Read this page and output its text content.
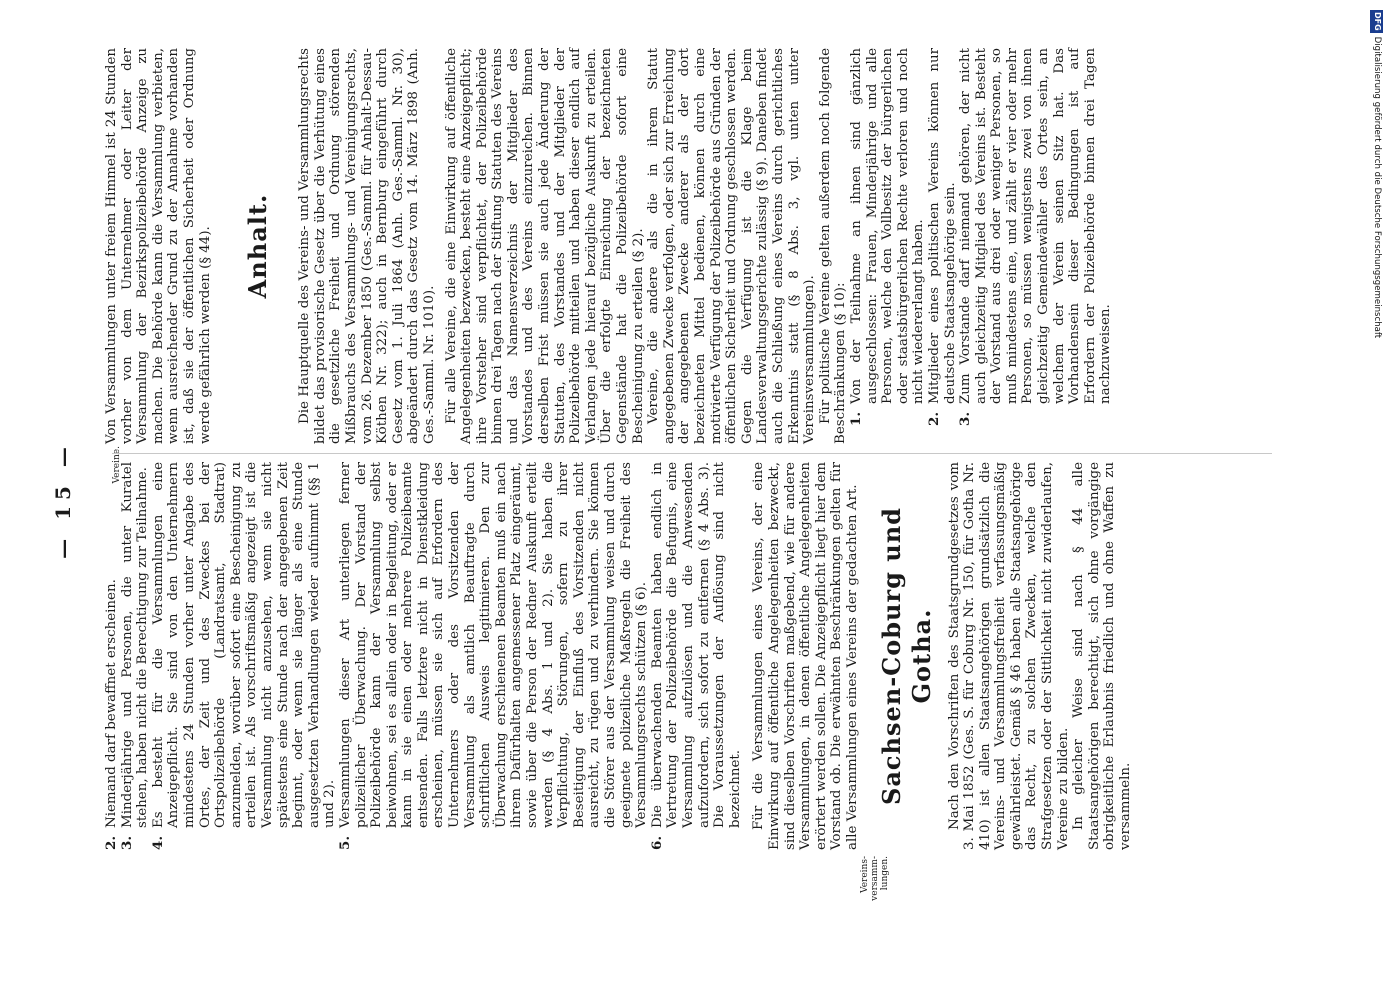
— 15 —
Vereins-versamm-lungen.
Vereine.
2.
Niemand darf bewaffnet erscheinen.
3.
Minderjährige und Personen, die unter Kuratel stehen, haben nicht die Berechtigung zur Teilnahme.
4.
Es besteht für die Versammlungen eine Anzeigepflicht. Sie sind von den Unternehmern mindestens 24 Stunden vorher unter Angabe des Ortes, der Zeit und des Zweckes bei der Ortspolizeibehörde (Landratsamt, Stadtrat) anzumelden, worüber sofort eine Bescheinigung zu erteilen ist. Als vorschriftsmäßig angezeigt ist die Versammlung nicht anzusehen, wenn sie nicht spätestens eine Stunde nach der angegebenen Zeit beginnt, oder wenn sie länger als eine Stunde ausgesetzten Verhandlungen wieder aufnimmt (§§ 1 und 2).
5.
Versammlungen dieser Art unterliegen ferner polizeilicher Überwachung. Der Vorstand der Polizeibehörde kann der Versammlung selbst beiwohnen, sei es allein oder in Begleitung, oder er kann in sie einen oder mehrere Polizeibeamte entsenden. Falls letztere nicht in Dienstkleidung erscheinen, müssen sie sich auf Erfordern des Unternehmers oder des Vorsitzenden der Versammlung als amtlich Beauftragte durch schriftlichen Ausweis legitimieren. Den zur Überwachung erschienenen Beamten muß ein nach ihrem Dafürhalten angemessener Platz eingeräumt, sowie über die Person der Redner Auskunft erteilt werden (§ 4 Abs. 1 und 2). Sie haben die Verpflichtung, Störungen, sofern zu ihrer Beseitigung der Einfluß des Vorsitzenden nicht ausreicht, zu rügen und zu verhindern. Sie können die Störer aus der Versammlung weisen und durch geeignete polizeiliche Maßregeln die Freiheit des Versammlungsrechts schützen (§ 6).
6.
Die überwachenden Beamten haben endlich in Vertretung der Polizeibehörde die Befugnis, eine Versammlung aufzulösen und die Anwesenden aufzufordern, sich sofort zu entfernen (§ 4 Abs. 3). Die Voraussetzungen der Auflösung sind nicht bezeichnet. Für die Versammlungen eines Vereins, der eine Einwirkung auf öffentliche Angelegenheiten bezweckt, sind dieselben Vorschriften maßgebend, wie für andere Versammlungen, in denen öffentliche Angelegenheiten erörtert werden sollen. Die Anzeigepflicht liegt hier dem Vorstand ob. Die erwähnten Beschränkungen gelten für alle Versammlungen eines Vereins der gedachten Art. Sachsen-Coburg und Gotha. Nach den Vorschriften des Staatsgrundgesetzes vom 3. Mai 1852 (Ges. S. für Coburg Nr. 150, für Gotha Nr. 410) ist allen Staatsangehörigen grundsätzlich die Vereins- und Versammlungsfreiheit verfassungsmäßig gewährleistet. Gemäß § 46 haben alle Staatsangehörige das Recht, zu solchen Zwecken, welche den Strafgesetzen oder der Sittlichkeit nicht zuwiderlaufen, Vereine zu bilden. In gleicher Weise sind nach § 44 alle Staatsangehörigen berechtigt, sich ohne vorgängige obrigkeitliche Erlaubnis friedlich und ohne Waffen zu versammeln.

Von Versammlungen unter freiem Himmel ist 24 Stunden vorher von dem Unternehmer oder Leiter der Versammlung der Bezirkspolizeibehörde Anzeige zu machen. Die Behörde kann die Versammlung verbieten, wenn ausreichender Grund zu der Annahme vorhanden ist, daß sie der öffentlichen Sicherheit oder Ordnung werde gefährlich werden (§ 44). Anhalt. Die Hauptquelle des Vereins- und Versammlungsrechts bildet das provisorische Gesetz über die Verhütung eines die gesetzliche Freiheit und Ordnung störenden Mißbrauchs des Versammlungs- und Vereinigungsrechts, vom 26. Dezember 1850 (Ges.-Samml. für Anhalt-Dessau-Köthen Nr. 322); auch in Bernburg eingeführt durch Gesetz vom 1. Juli 1864 (Anh. Ges.-Samml. Nr. 30), abgeändert durch das Gesetz vom 14. März 1898 (Anh. Ges.-Samml. Nr. 1010). Für alle Vereine, die eine Einwirkung auf öffentliche Angelegenheiten bezwecken, besteht eine Anzeigepflicht; ihre Vorsteher sind verpflichtet, der Polizeibehörde binnen drei Tagen nach der Stiftung Statuten des Vereins und das Namensverzeichnis der Mitglieder des Vorstandes und des Vereins einzureichen. Binnen derselben Frist müssen sie auch jede Änderung der Statuten, des Vorstandes und der Mitglieder der Polizeibehörde mitteilen und haben dieser endlich auf Verlangen jede hierauf bezügliche Auskunft zu erteilen. Über die erfolgte Einreichung der bezeichneten Gegenstände hat die Polizeibehörde sofort eine Bescheinigung zu erteilen (§ 2). Vereine, die andere als die in ihrem Statut angegebenen Zwecke verfolgen, oder sich zur Erreichung der angegebenen Zwecke anderer als der dort bezeichneten Mittel bedienen, können durch eine motivierte Verfügung der Polizeibehörde aus Gründen der öffentlichen Sicherheit und Ordnung geschlossen werden. Gegen die Verfügung ist die Klage beim Landesverwaltungsgerichte zulässig (§ 9). Daneben findet auch die Schließung eines Vereins durch gerichtliches Erkenntnis statt (§ 8 Abs. 3, vgl. unten unter Vereinsversammlungen). Für politische Vereine gelten außerdem noch folgende Beschränkungen (§ 10): 1.
Von der Teilnahme an ihnen sind gänzlich ausgeschlossen: Frauen, Minderjährige und alle Personen, welche den Vollbesitz der bürgerlichen oder staatsbürgerlichen Rechte verloren und noch nicht wiedererlangt haben.
2.
Mitglieder eines politischen Vereins können nur deutsche Staatsangehörige sein.
3.
Zum Vorstande darf niemand gehören, der nicht auch gleichzeitig Mitglied des Vereins ist. Besteht der Vorstand aus drei oder weniger Personen, so muß mindestens eine, und zählt er vier oder mehr Personen, so müssen wenigstens zwei von ihnen gleichzeitig Gemeindewähler des Ortes sein, an welchem der Verein seinen Sitz hat. Das Vorhandensein dieser Bedingungen ist auf Erfordern der Polizeibehörde binnen drei Tagen nachzuweisen.
DFGDigitalisierung gefördert durch die Deutsche Forschungsgemeinschaft
